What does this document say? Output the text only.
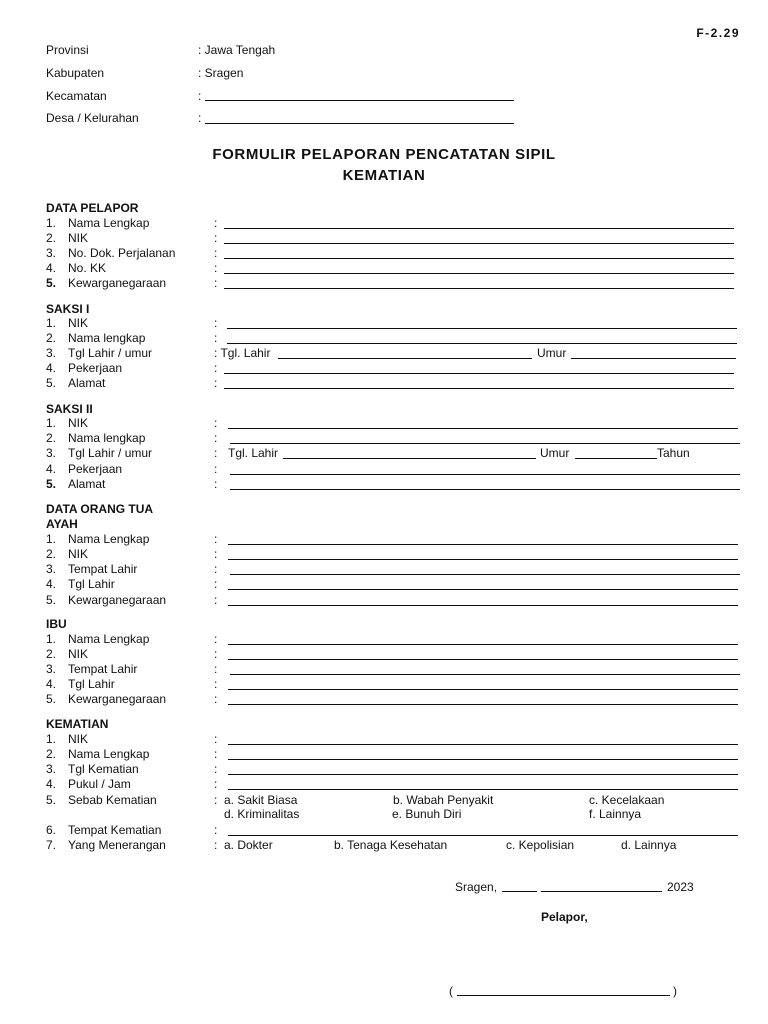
F-2.29
Provinsi	: Jawa Tengah
Kabupaten	: Sragen
Kecamatan	:
Desa / Kelurahan	:
FORMULIR PELAPORAN PENCATATAN SIPIL
KEMATIAN
DATA PELAPOR
1. Nama Lengkap	:
2. NIK	:
3. No. Dok. Perjalanan	:
4. No. KK	:
5. Kewarganegaraan	:
SAKSI I
1. NIK	:
2. Nama lengkap	:
3. Tgl Lahir / umur	: Tgl. Lahir	Umur
4. Pekerjaan	:
5. Alamat	:
SAKSI II
1. NIK	:
2. Nama lengkap	:
3. Tgl Lahir / umur	: Tgl. Lahir	Umur	Tahun
4. Pekerjaan	:
5. Alamat	:
DATA ORANG TUA
AYAH
1. Nama Lengkap	:
2. NIK	:
3. Tempat Lahir	:
4. Tgl Lahir	:
5. Kewarganegaraan	:
IBU
1. Nama Lengkap	:
2. NIK	:
3. Tempat Lahir	:
4. Tgl Lahir	:
5. Kewarganegaraan	:
KEMATIAN
1. NIK	:
2. Nama Lengkap	:
3. Tgl Kematian	:
4. Pukul / Jam	:
5. Sebab Kematian	: a. Sakit Biasa	b. Wabah Penyakit	c. Kecelakaan
d. Kriminalitas	e. Bunuh Diri	f. Lainnya
6. Tempat Kematian	:
7. Yang Menerangan	: a. Dokter	b. Tenaga Kesehatan	c. Kepolisian	d. Lainnya
Sragen,	2023
Pelapor,
(	)
